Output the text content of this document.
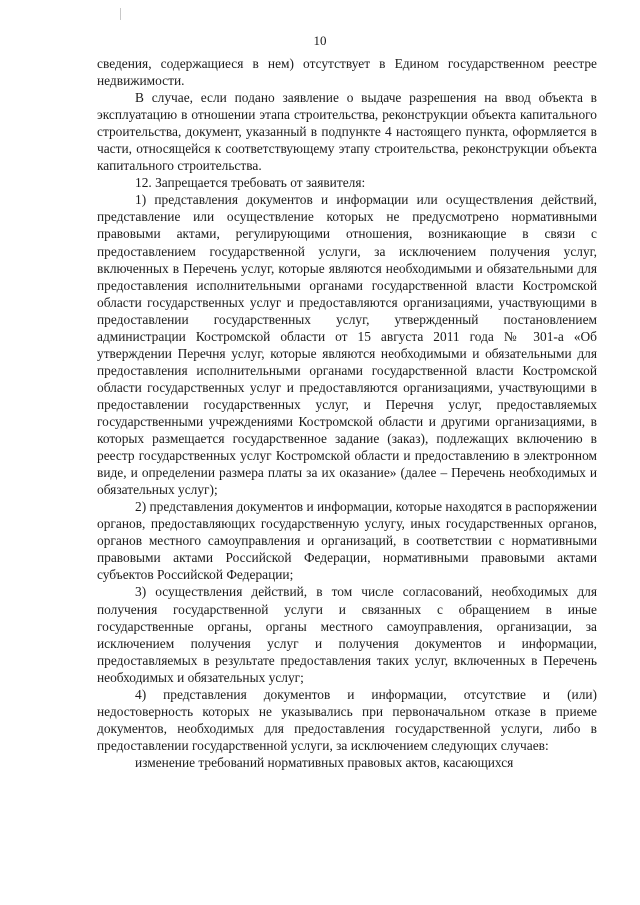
10

сведения, содержащиеся в нем) отсутствует в Едином государственном реестре недвижимости.

В случае, если подано заявление о выдаче разрешения на ввод объекта в эксплуатацию в отношении этапа строительства, реконструкции объекта капитального строительства, документ, указанный в подпункте 4 настоящего пункта, оформляется в части, относящейся к соответствующему этапу строительства, реконструкции объекта капитального строительства.

12. Запрещается требовать от заявителя:

1) представления документов и информации или осуществления действий, представление или осуществление которых не предусмотрено нормативными правовыми актами, регулирующими отношения, возникающие в связи с предоставлением государственной услуги, за исключением получения услуг, включенных в Перечень услуг, которые являются необходимыми и обязательными для предоставления исполнительными органами государственной власти Костромской области государственных услуг и предоставляются организациями, участвующими в предоставлении государственных услуг, утвержденный постановлением администрации Костромской области от 15 августа 2011 года № 301-а «Об утверждении Перечня услуг, которые являются необходимыми и обязательными для предоставления исполнительными органами государственной власти Костромской области государственных услуг и предоставляются организациями, участвующими в предоставлении государственных услуг, и Перечня услуг, предоставляемых государственными учреждениями Костромской области и другими организациями, в которых размещается государственное задание (заказ), подлежащих включению в реестр государственных услуг Костромской области и предоставлению в электронном виде, и определении размера платы за их оказание» (далее – Перечень необходимых и обязательных услуг);

2) представления документов и информации, которые находятся в распоряжении органов, предоставляющих государственную услугу, иных государственных органов, органов местного самоуправления и организаций, в соответствии с нормативными правовыми актами Российской Федерации, нормативными правовыми актами субъектов Российской Федерации;

3) осуществления действий, в том числе согласований, необходимых для получения государственной услуги и связанных с обращением в иные государственные органы, органы местного самоуправления, организации, за исключением получения услуг и получения документов и информации, предоставляемых в результате предоставления таких услуг, включенных в Перечень необходимых и обязательных услуг;

4) представления документов и информации, отсутствие и (или) недостоверность которых не указывались при первоначальном отказе в приеме документов, необходимых для предоставления государственной услуги, либо в предоставлении государственной услуги, за исключением следующих случаев:

изменение требований нормативных правовых актов, касающихся
